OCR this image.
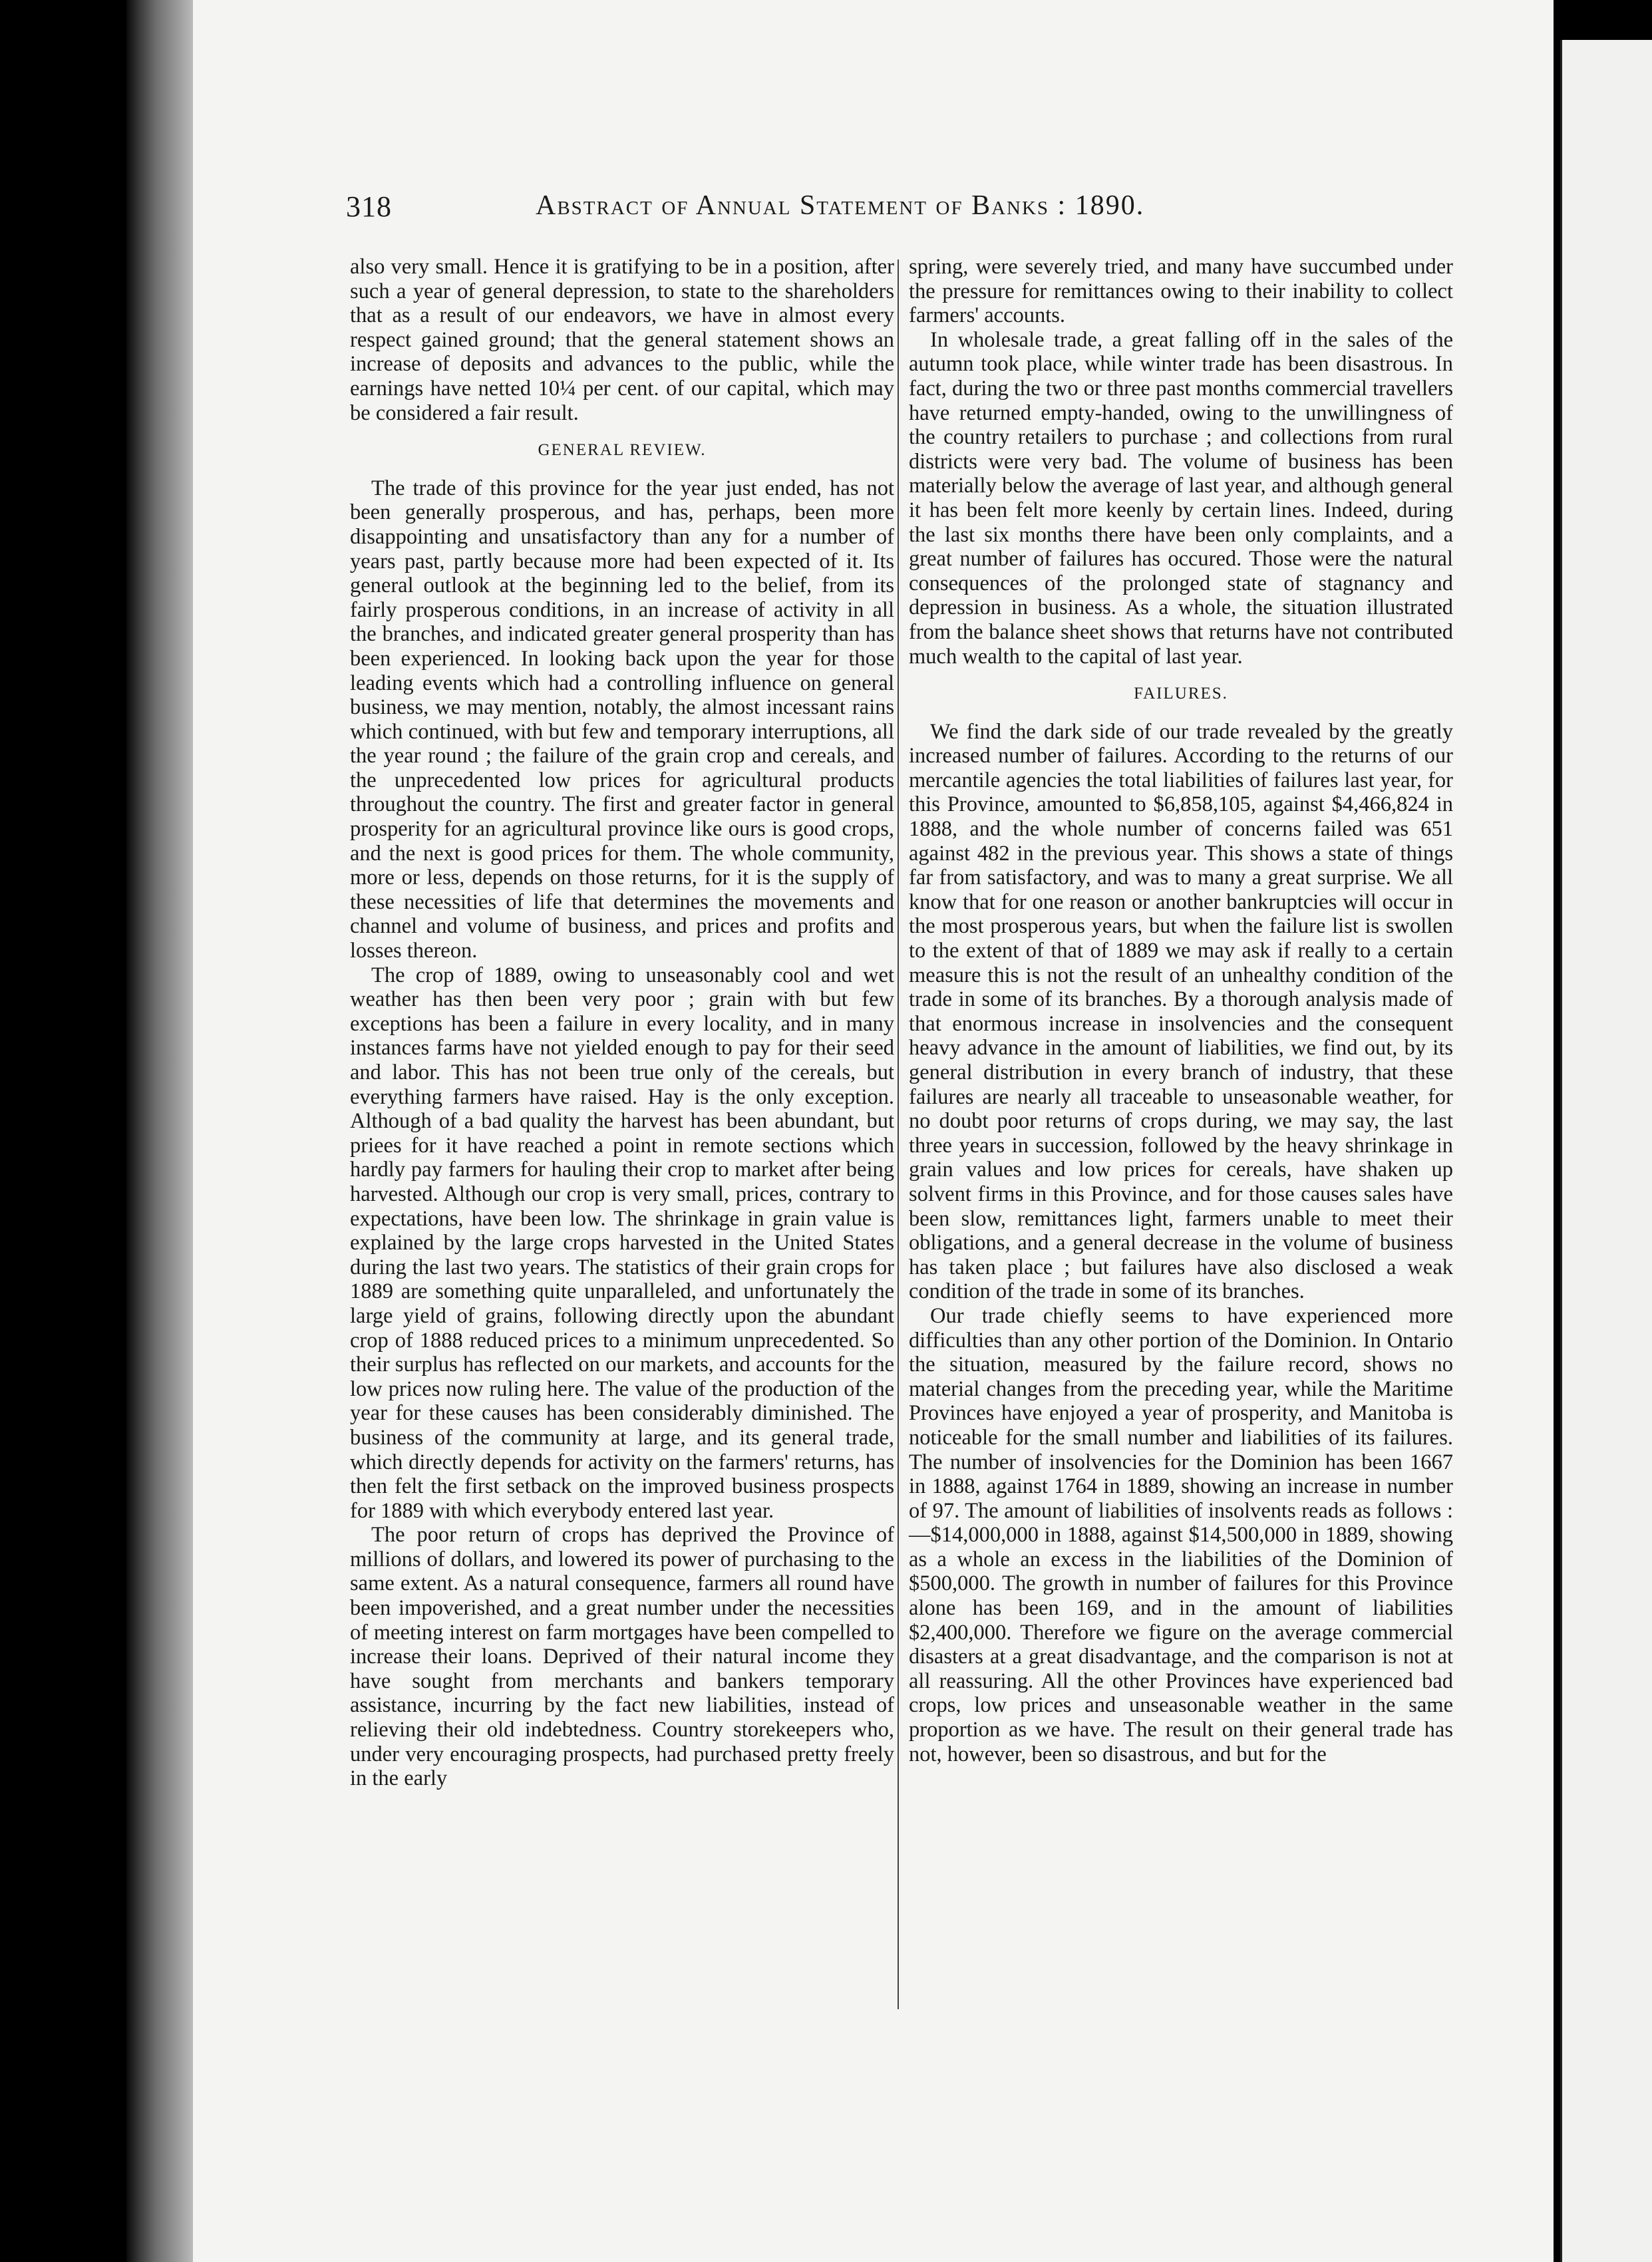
318	Abstract of Annual Statement of Banks : 1890.

also very small. Hence it is gratifying to be in a position, after such a year of general depression, to state to the shareholders that as a result of our endeavors, we have in almost every respect gained ground; that the general statement shows an increase of deposits and advances to the public, while the earnings have netted 10¼ per cent. of our capital, which may be considered a fair result.

GENERAL REVIEW.

The trade of this province for the year just ended, has not been generally prosperous, and has, perhaps, been more disappointing and unsatisfactory than any for a number of years past, partly because more had been expected of it. Its general outlook at the beginning led to the belief, from its fairly prosperous conditions, in an increase of activity in all the branches, and indicated greater general prosperity than has been experienced. In looking back upon the year for those leading events which had a controlling influence on general business, we may mention, notably, the almost incessant rains which continued, with but few and temporary interruptions, all the year round ; the failure of the grain crop and cereals, and the unprecedented low prices for agricultural products throughout the country. The first and greater factor in general prosperity for an agricultural province like ours is good crops, and the next is good prices for them. The whole community, more or less, depends on those returns, for it is the supply of these necessities of life that determines the movements and channel and volume of business, and prices and profits and losses thereon.

The crop of 1889, owing to unseasonably cool and wet weather has then been very poor ; grain with but few exceptions has been a failure in every locality, and in many instances farms have not yielded enough to pay for their seed and labor. This has not been true only of the cereals, but everything farmers have raised. Hay is the only exception. Although of a bad quality the harvest has been abundant, but priees for it have reached a point in remote sections which hardly pay farmers for hauling their crop to market after being harvested. Although our crop is very small, prices, contrary to expectations, have been low. The shrinkage in grain value is explained by the large crops harvested in the United States during the last two years. The statistics of their grain crops for 1889 are something quite unparalleled, and unfortunately the large yield of grains, following directly upon the abundant crop of 1888 reduced prices to a minimum unprecedented. So their surplus has reflected on our markets, and accounts for the low prices now ruling here. The value of the production of the year for these causes has been considerably diminished. The business of the community at large, and its general trade, which directly depends for activity on the farmers' returns, has then felt the first setback on the improved business prospects for 1889 with which everybody entered last year.

The poor return of crops has deprived the Province of millions of dollars, and lowered its power of purchasing to the same extent. As a natural consequence, farmers all round have been impoverished, and a great number under the necessities of meeting interest on farm mortgages have been compelled to increase their loans. Deprived of their natural income they have sought from merchants and bankers temporary assistance, incurring by the fact new liabilities, instead of relieving their old indebtedness. Country storekeepers who, under very encouraging prospects, had purchased pretty freely in the early

spring, were severely tried, and many have succumbed under the pressure for remittances owing to their inability to collect farmers' accounts.

In wholesale trade, a great falling off in the sales of the autumn took place, while winter trade has been disastrous. In fact, during the two or three past months commercial travellers have returned empty-handed, owing to the unwillingness of the country retailers to purchase ; and collections from rural districts were very bad. The volume of business has been materially below the average of last year, and although general it has been felt more keenly by certain lines. Indeed, during the last six months there have been only complaints, and a great number of failures has occured. Those were the natural consequences of the prolonged state of stagnancy and depression in business. As a whole, the situation illustrated from the balance sheet shows that returns have not contributed much wealth to the capital of last year.

FAILURES.

We find the dark side of our trade revealed by the greatly increased number of failures. According to the returns of our mercantile agencies the total liabilities of failures last year, for this Province, amounted to $6,858,105, against $4,466,824 in 1888, and the whole number of concerns failed was 651 against 482 in the previous year. This shows a state of things far from satisfactory, and was to many a great surprise. We all know that for one reason or another bankruptcies will occur in the most prosperous years, but when the failure list is swollen to the extent of that of 1889 we may ask if really to a certain measure this is not the result of an unhealthy condition of the trade in some of its branches. By a thorough analysis made of that enormous increase in insolvencies and the consequent heavy advance in the amount of liabilities, we find out, by its general distribution in every branch of industry, that these failures are nearly all traceable to unseasonable weather, for no doubt poor returns of crops during, we may say, the last three years in succession, followed by the heavy shrinkage in grain values and low prices for cereals, have shaken up solvent firms in this Province, and for those causes sales have been slow, remittances light, farmers unable to meet their obligations, and a general decrease in the volume of business has taken place ; but failures have also disclosed a weak condition of the trade in some of its branches.

Our trade chiefly seems to have experienced more difficulties than any other portion of the Dominion. In Ontario the situation, measured by the failure record, shows no material changes from the preceding year, while the Maritime Provinces have enjoyed a year of prosperity, and Manitoba is noticeable for the small number and liabilities of its failures. The number of insolvencies for the Dominion has been 1667 in 1888, against 1764 in 1889, showing an increase in number of 97. The amount of liabilities of insolvents reads as follows :—$14,000,000 in 1888, against $14,500,000 in 1889, showing as a whole an excess in the liabilities of the Dominion of $500,000. The growth in number of failures for this Province alone has been 169, and in the amount of liabilities $2,400,000. Therefore we figure on the average commercial disasters at a great disadvantage, and the comparison is not at all reassuring. All the other Provinces have experienced bad crops, low prices and unseasonable weather in the same proportion as we have. The result on their general trade has not, however, been so disastrous, and but for the
